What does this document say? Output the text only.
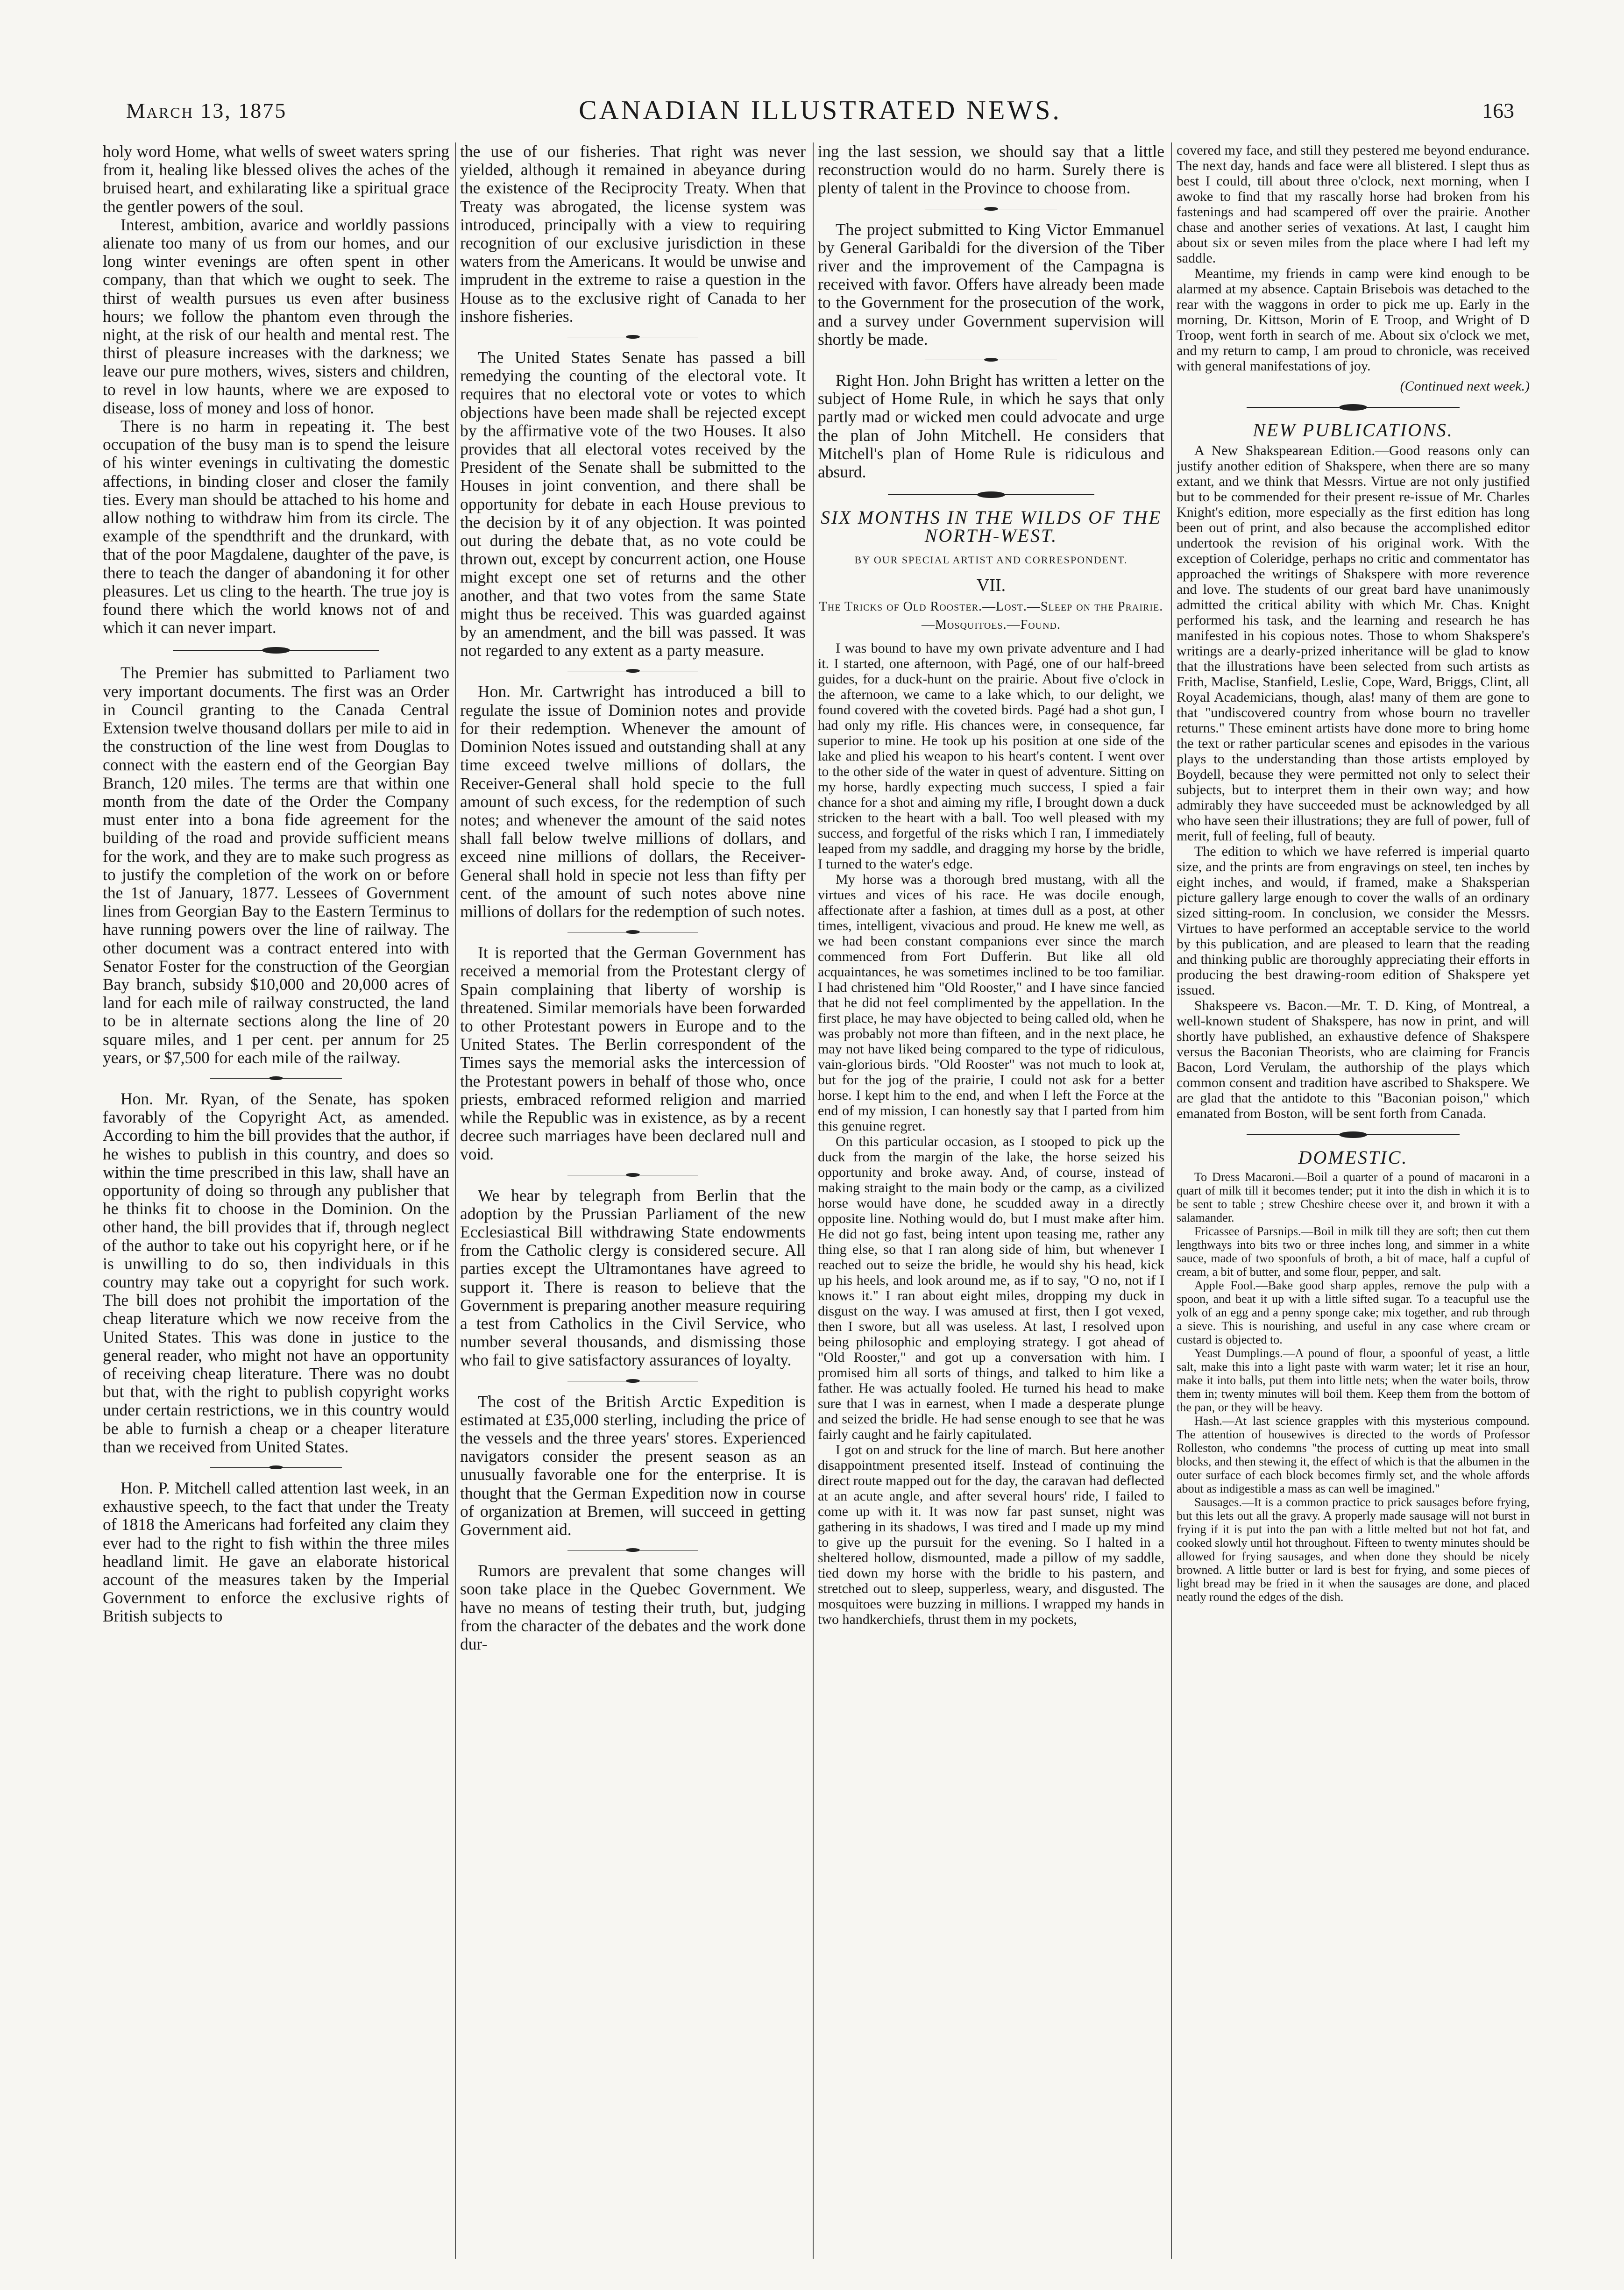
March 13, 1875	CANADIAN ILLUSTRATED NEWS.	163

holy word Home, what wells of sweet waters spring from it, healing like blessed olives the aches of the bruised heart, and exhilarating like a spiritual grace the gentler powers of the soul.

Interest, ambition, avarice and worldly passions alienate too many of us from our homes, and our long winter evenings are often spent in other company, than that which we ought to seek. The thirst of wealth pursues us even after business hours; we follow the phantom even through the night, at the risk of our health and mental rest. The thirst of pleasure increases with the darkness; we leave our pure mothers, wives, sisters and children, to revel in low haunts, where we are exposed to disease, loss of money and loss of honor.

There is no harm in repeating it. The best occupation of the busy man is to spend the leisure of his winter evenings in cultivating the domestic affections, in binding closer and closer the family ties. Every man should be attached to his home and allow nothing to withdraw him from its circle. The example of the spendthrift and the drunkard, with that of the poor Magdalene, daughter of the pave, is there to teach the danger of abandoning it for other pleasures. Let us cling to the hearth. The true joy is found there which the world knows not of and which it can never impart.

The Premier has submitted to Parliament two very important documents. The first was an Order in Council granting to the Canada Central Extension twelve thousand dollars per mile to aid in the construction of the line west from Douglas to connect with the eastern end of the Georgian Bay Branch, 120 miles. The terms are that within one month from the date of the Order the Company must enter into a bona fide agreement for the building of the road and provide sufficient means for the work, and they are to make such progress as to justify the completion of the work on or before the 1st of January, 1877. Lessees of Government lines from Georgian Bay to the Eastern Terminus to have running powers over the line of railway. The other document was a contract entered into with Senator Foster for the construction of the Georgian Bay branch, subsidy $10,000 and 20,000 acres of land for each mile of railway constructed, the land to be in alternate sections along the line of 20 square miles, and 1 per cent. per annum for 25 years, or $7,500 for each mile of the railway.

Hon. Mr. Ryan, of the Senate, has spoken favorably of the Copyright Act, as amended. According to him the bill provides that the author, if he wishes to publish in this country, and does so within the time prescribed in this law, shall have an opportunity of doing so through any publisher that he thinks fit to choose in the Dominion. On the other hand, the bill provides that if, through neglect of the author to take out his copyright here, or if he is unwilling to do so, then individuals in this country may take out a copyright for such work. The bill does not prohibit the importation of the cheap literature which we now receive from the United States. This was done in justice to the general reader, who might not have an opportunity of receiving cheap literature. There was no doubt but that, with the right to publish copyright works under certain restrictions, we in this country would be able to furnish a cheap or a cheaper literature than we received from United States.

Hon. P. Mitchell called attention last week, in an exhaustive speech, to the fact that under the Treaty of 1818 the Americans had forfeited any claim they ever had to the right to fish within the three miles headland limit. He gave an elaborate historical account of the measures taken by the Imperial Government to enforce the exclusive rights of British subjects to

the use of our fisheries. That right was never yielded, although it remained in abeyance during the existence of the Reciprocity Treaty. When that Treaty was abrogated, the license system was introduced, principally with a view to requiring recognition of our exclusive jurisdiction in these waters from the Americans. It would be unwise and imprudent in the extreme to raise a question in the House as to the exclusive right of Canada to her inshore fisheries.

The United States Senate has passed a bill remedying the counting of the electoral vote. It requires that no electoral vote or votes to which objections have been made shall be rejected except by the affirmative vote of the two Houses. It also provides that all electoral votes received by the President of the Senate shall be submitted to the Houses in joint convention, and there shall be opportunity for debate in each House previous to the decision by it of any objection. It was pointed out during the debate that, as no vote could be thrown out, except by concurrent action, one House might except one set of returns and the other another, and that two votes from the same State might thus be received. This was guarded against by an amendment, and the bill was passed. It was not regarded to any extent as a party measure.

Hon. Mr. Cartwright has introduced a bill to regulate the issue of Dominion notes and provide for their redemption. Whenever the amount of Dominion Notes issued and outstanding shall at any time exceed twelve millions of dollars, the Receiver-General shall hold specie to the full amount of such excess, for the redemption of such notes; and whenever the amount of the said notes shall fall below twelve millions of dollars, and exceed nine millions of dollars, the Receiver-General shall hold in specie not less than fifty per cent. of the amount of such notes above nine millions of dollars for the redemption of such notes.

It is reported that the German Government has received a memorial from the Protestant clergy of Spain complaining that liberty of worship is threatened. Similar memorials have been forwarded to other Protestant powers in Europe and to the United States. The Berlin correspondent of the Times says the memorial asks the intercession of the Protestant powers in behalf of those who, once priests, embraced reformed religion and married while the Republic was in existence, as by a recent decree such marriages have been declared null and void.

We hear by telegraph from Berlin that the adoption by the Prussian Parliament of the new Ecclesiastical Bill withdrawing State endowments from the Catholic clergy is considered secure. All parties except the Ultramontanes have agreed to support it. There is reason to believe that the Government is preparing another measure requiring a test from Catholics in the Civil Service, who number several thousands, and dismissing those who fail to give satisfactory assurances of loyalty.

The cost of the British Arctic Expedition is estimated at £35,000 sterling, including the price of the vessels and the three years' stores. Experienced navigators consider the present season as an unusually favorable one for the enterprise. It is thought that the German Expedition now in course of organization at Bremen, will succeed in getting Government aid.

Rumors are prevalent that some changes will soon take place in the Quebec Government. We have no means of testing their truth, but, judging from the character of the debates and the work done dur-

ing the last session, we should say that a little reconstruction would do no harm. Surely there is plenty of talent in the Province to choose from.

The project submitted to King Victor Emmanuel by General Garibaldi for the diversion of the Tiber river and the improvement of the Campagna is received with favor. Offers have already been made to the Government for the prosecution of the work, and a survey under Government supervision will shortly be made.

Right Hon. John Bright has written a letter on the subject of Home Rule, in which he says that only partly mad or wicked men could advocate and urge the plan of John Mitchell. He considers that Mitchell's plan of Home Rule is ridiculous and absurd.

SIX MONTHS IN THE WILDS OF THE NORTH-WEST.
BY OUR SPECIAL ARTIST AND CORRESPONDENT.
VII.
The Tricks of Old Rooster.—Lost.—Sleep on the Prairie.—Mosquitoes.—Found.

I was bound to have my own private adventure and I had it. I started, one afternoon, with Pagé, one of our half-breed guides, for a duck-hunt on the prairie. About five o'clock in the afternoon, we came to a lake which, to our delight, we found covered with the coveted birds. Pagé had a shot gun, I had only my rifle. His chances were, in consequence, far superior to mine. He took up his position at one side of the lake and plied his weapon to his heart's content. I went over to the other side of the water in quest of adventure. Sitting on my horse, hardly expecting much success, I spied a fair chance for a shot and aiming my rifle, I brought down a duck stricken to the heart with a ball. Too well pleased with my success, and forgetful of the risks which I ran, I immediately leaped from my saddle, and dragging my horse by the bridle, I turned to the water's edge.

My horse was a thorough bred mustang, with all the virtues and vices of his race. He was docile enough, affectionate after a fashion, at times dull as a post, at other times, intelligent, vivacious and proud. He knew me well, as we had been constant companions ever since the march commenced from Fort Dufferin. But like all old acquaintances, he was sometimes inclined to be too familiar. I had christened him "Old Rooster," and I have since fancied that he did not feel complimented by the appellation. In the first place, he may have objected to being called old, when he was probably not more than fifteen, and in the next place, he may not have liked being compared to the type of ridiculous, vain-glorious birds. "Old Rooster" was not much to look at, but for the jog of the prairie, I could not ask for a better horse. I kept him to the end, and when I left the Force at the end of my mission, I can honestly say that I parted from him this genuine regret.

On this particular occasion, as I stooped to pick up the duck from the margin of the lake, the horse seized his opportunity and broke away. And, of course, instead of making straight to the main body or the camp, as a civilized horse would have done, he scudded away in a directly opposite line. Nothing would do, but I must make after him. He did not go fast, being intent upon teasing me, rather any thing else, so that I ran along side of him, but whenever I reached out to seize the bridle, he would shy his head, kick up his heels, and look around me, as if to say, "O no, not if I knows it." I ran about eight miles, dropping my duck in disgust on the way. I was amused at first, then I got vexed, then I swore, but all was useless. At last, I resolved upon being philosophic and employing strategy. I got ahead of "Old Rooster," and got up a conversation with him. I promised him all sorts of things, and talked to him like a father. He was actually fooled. He turned his head to make sure that I was in earnest, when I made a desperate plunge and seized the bridle. He had sense enough to see that he was fairly caught and he fairly capitulated.

I got on and struck for the line of march. But here another disappointment presented itself. Instead of continuing the direct route mapped out for the day, the caravan had deflected at an acute angle, and after several hours' ride, I failed to come up with it. It was now far past sunset, night was gathering in its shadows, I was tired and I made up my mind to give up the pursuit for the evening. So I halted in a sheltered hollow, dismounted, made a pillow of my saddle, tied down my horse with the bridle to his pastern, and stretched out to sleep, supperless, weary, and disgusted. The mosquitoes were buzzing in millions. I wrapped my hands in two handkerchiefs, thrust them in my pockets,

covered my face, and still they pestered me beyond endurance. The next day, hands and face were all blistered. I slept thus as best I could, till about three o'clock, next morning, when I awoke to find that my rascally horse had broken from his fastenings and had scampered off over the prairie. Another chase and another series of vexations. At last, I caught him about six or seven miles from the place where I had left my saddle.

Meantime, my friends in camp were kind enough to be alarmed at my absence. Captain Brisebois was detached to the rear with the waggons in order to pick me up. Early in the morning, Dr. Kittson, Morin of E Troop, and Wright of D Troop, went forth in search of me. About six o'clock we met, and my return to camp, I am proud to chronicle, was received with general manifestations of joy.

(Continued next week.)
NEW PUBLICATIONS.

A New Shakspearean Edition.—Good reasons only can justify another edition of Shakspere, when there are so many extant, and we think that Messrs. Virtue are not only justified but to be commended for their present re-issue of Mr. Charles Knight's edition, more especially as the first edition has long been out of print, and also because the accomplished editor undertook the revision of his original work. With the exception of Coleridge, perhaps no critic and commentator has approached the writings of Shakspere with more reverence and love. The students of our great bard have unanimously admitted the critical ability with which Mr. Chas. Knight performed his task, and the learning and research he has manifested in his copious notes. Those to whom Shakspere's writings are a dearly-prized inheritance will be glad to know that the illustrations have been selected from such artists as Frith, Maclise, Stanfield, Leslie, Cope, Ward, Briggs, Clint, all Royal Academicians, though, alas! many of them are gone to that "undiscovered country from whose bourn no traveller returns." These eminent artists have done more to bring home the text or rather particular scenes and episodes in the various plays to the understanding than those artists employed by Boydell, because they were permitted not only to select their subjects, but to interpret them in their own way; and how admirably they have succeeded must be acknowledged by all who have seen their illustrations; they are full of power, full of merit, full of feeling, full of beauty.

The edition to which we have referred is imperial quarto size, and the prints are from engravings on steel, ten inches by eight inches, and would, if framed, make a Shaksperian picture gallery large enough to cover the walls of an ordinary sized sitting-room. In conclusion, we consider the Messrs. Virtues to have performed an acceptable service to the world by this publication, and are pleased to learn that the reading and thinking public are thoroughly appreciating their efforts in producing the best drawing-room edition of Shakspere yet issued.

Shakspeere vs. Bacon.—Mr. T. D. King, of Montreal, a well-known student of Shakspere, has now in print, and will shortly have published, an exhaustive defence of Shakspere versus the Baconian Theorists, who are claiming for Francis Bacon, Lord Verulam, the authorship of the plays which common consent and tradition have ascribed to Shakspere. We are glad that the antidote to this "Baconian poison," which emanated from Boston, will be sent forth from Canada.

DOMESTIC.

To Dress Macaroni.—Boil a quarter of a pound of macaroni in a quart of milk till it becomes tender; put it into the dish in which it is to be sent to table ; strew Cheshire cheese over it, and brown it with a salamander.

Fricassee of Parsnips.—Boil in milk till they are soft; then cut them lengthways into bits two or three inches long, and simmer in a white sauce, made of two spoonfuls of broth, a bit of mace, half a cupful of cream, a bit of butter, and some flour, pepper, and salt.

Apple Fool.—Bake good sharp apples, remove the pulp with a spoon, and beat it up with a little sifted sugar. To a teacupful use the yolk of an egg and a penny sponge cake; mix together, and rub through a sieve. This is nourishing, and useful in any case where cream or custard is objected to.

Yeast Dumplings.—A pound of flour, a spoonful of yeast, a little salt, make this into a light paste with warm water; let it rise an hour, make it into balls, put them into little nets; when the water boils, throw them in; twenty minutes will boil them. Keep them from the bottom of the pan, or they will be heavy.

Hash.—At last science grapples with this mysterious compound. The attention of housewives is directed to the words of Professor Rolleston, who condemns "the process of cutting up meat into small blocks, and then stewing it, the effect of which is that the albumen in the outer surface of each block becomes firmly set, and the whole affords about as indigestible a mass as can well be imagined."

Sausages.—It is a common practice to prick sausages before frying, but this lets out all the gravy. A properly made sausage will not burst in frying if it is put into the pan with a little melted but not hot fat, and cooked slowly until hot throughout. Fifteen to twenty minutes should be allowed for frying sausages, and when done they should be nicely browned. A little butter or lard is best for frying, and some pieces of light bread may be fried in it when the sausages are done, and placed neatly round the edges of the dish.
